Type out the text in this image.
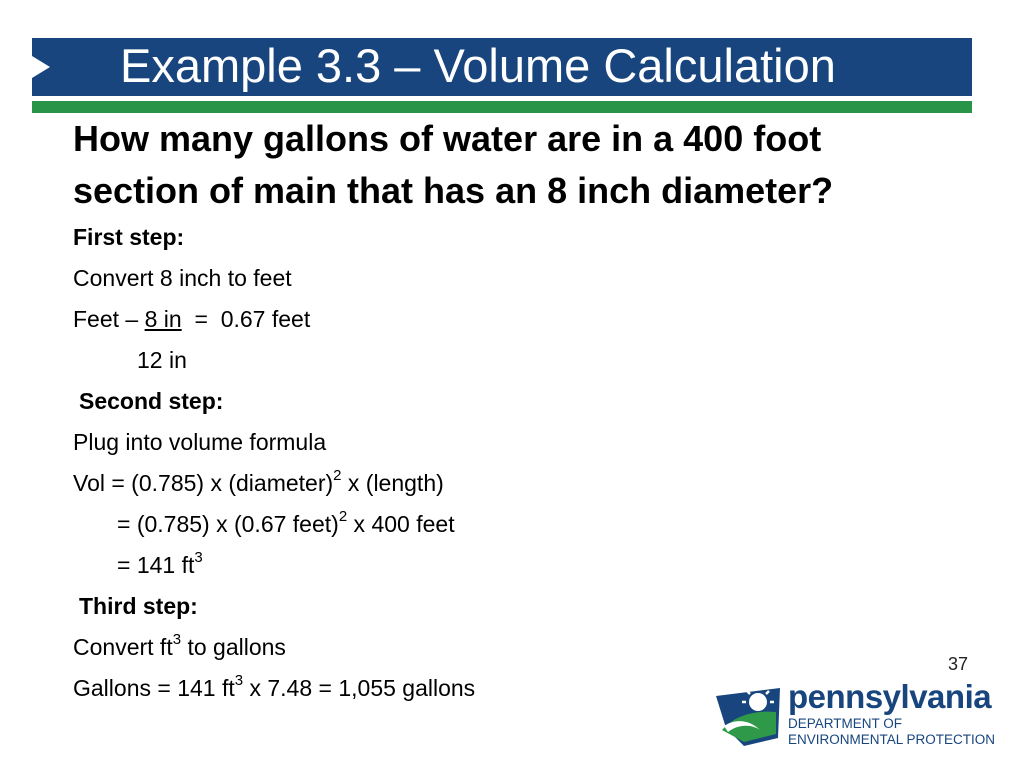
Example 3.3 – Volume Calculation

How many gallons of water are in a 400 foot section of main that has an 8 inch diameter?

First step:
Convert 8 inch to feet
Feet – 8 in  =  0.67 feet
12 in
Second step:
Plug into volume formula
Vol = (0.785) x (diameter)$^2$ x (length)
= (0.785) x (0.67 feet)$^2$ x 400 feet
= 141 $ft^3$
Third step:
Convert $ft^3$ to gallons
Gallons = 141 $ft^3$ x 7.48 = 1,055 gallons
37
pennsylvania
DEPARTMENT OF ENVIRONMENTAL PROTECTION
